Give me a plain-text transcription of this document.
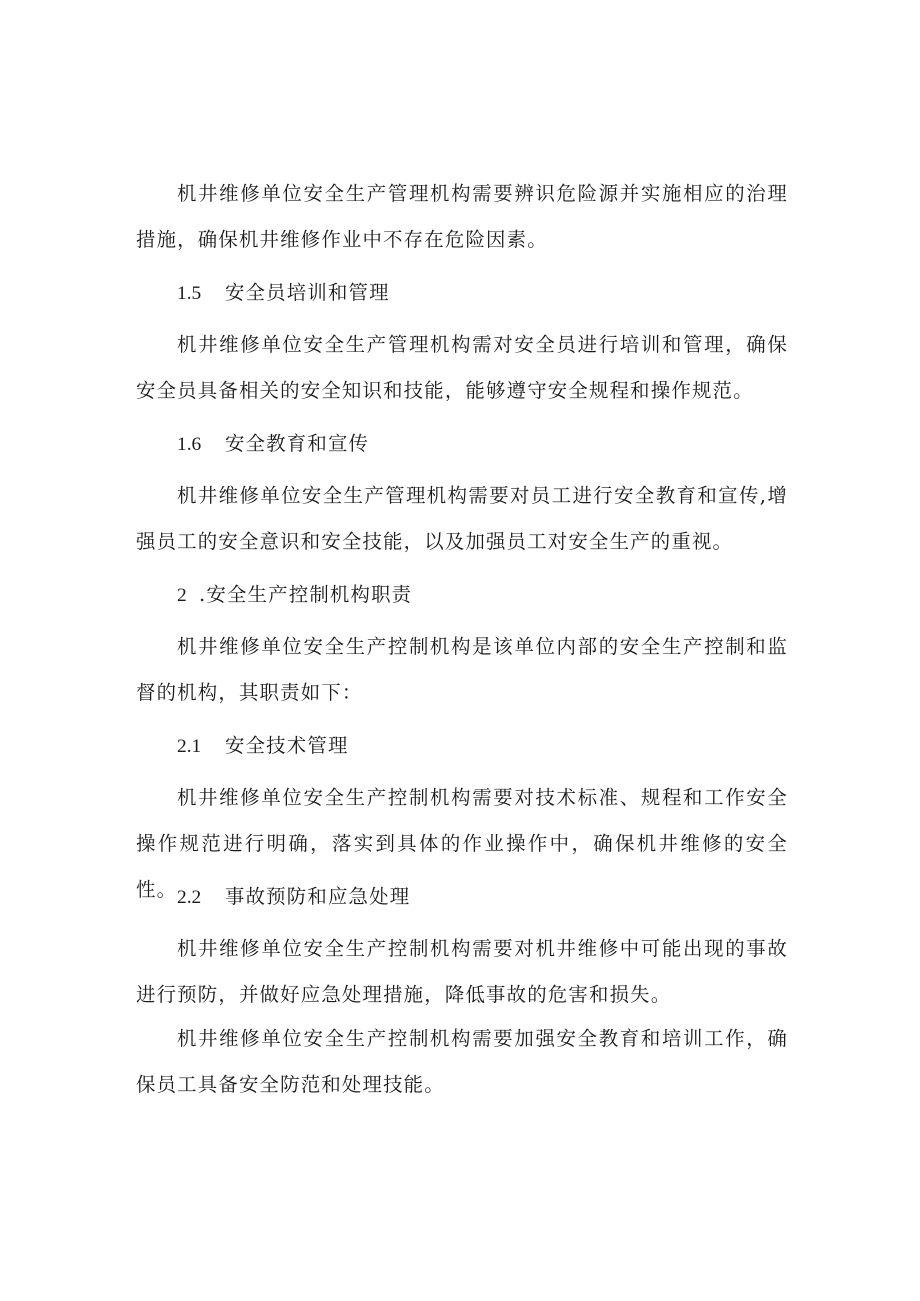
机井维修单位安全生产管理机构需要辨识危险源并实施相应的治理措施，确保机井维修作业中不存在危险因素。

1.5 安全员培训和管理

机井维修单位安全生产管理机构需对安全员进行培训和管理，确保安全员具备相关的安全知识和技能，能够遵守安全规程和操作规范。

1.6 安全教育和宣传

机井维修单位安全生产管理机构需要对员工进行安全教育和宣传,增强员工的安全意识和安全技能，以及加强员工对安全生产的重视。

2 .安全生产控制机构职责

机井维修单位安全生产控制机构是该单位内部的安全生产控制和监督的机构，其职责如下：

2.1 安全技术管理

机井维修单位安全生产控制机构需要对技术标准、规程和工作安全操作规范进行明确，落实到具体的作业操作中，确保机井维修的安全性。 2.2 事故预防和应急处理

机井维修单位安全生产控制机构需要对机井维修中可能出现的事故进行预防，并做好应急处理措施，降低事故的危害和损失。

机井维修单位安全生产控制机构需要加强安全教育和培训工作，确保员工具备安全防范和处理技能。
